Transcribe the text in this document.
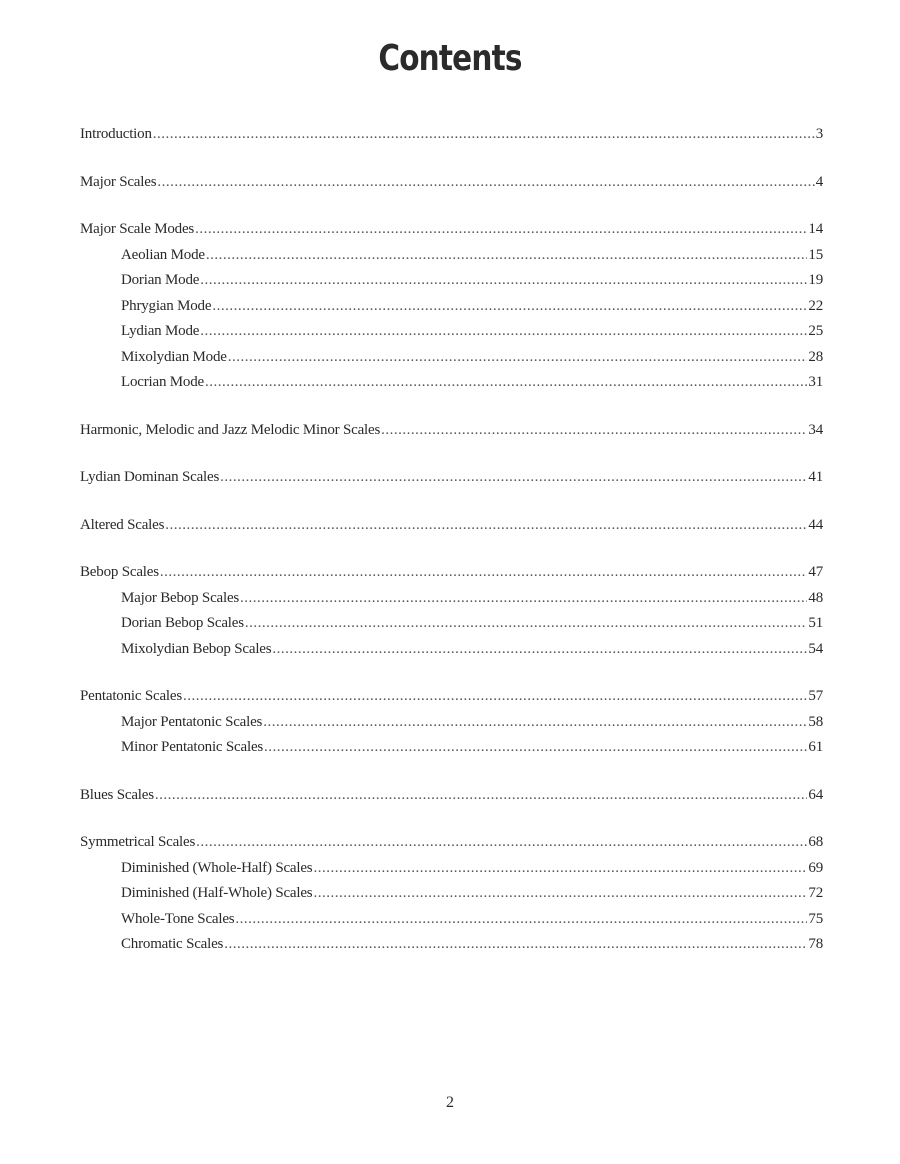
Contents
Introduction .....	3
Major Scales .....	4
Major Scale Modes .....	14
Aeolian Mode .....	15
Dorian Mode .....	19
Phrygian Mode .....	22
Lydian Mode .....	25
Mixolydian Mode .....	28
Locrian Mode .....	31
Harmonic, Melodic and Jazz Melodic Minor Scales .....	34
Lydian Dominan Scales .....	41
Altered Scales .....	44
Bebop Scales .....	47
Major Bebop Scales .....	48
Dorian Bebop Scales .....	51
Mixolydian Bebop Scales .....	54
Pentatonic Scales .....	57
Major Pentatonic Scales .....	58
Minor Pentatonic Scales .....	61
Blues Scales .....	64
Symmetrical Scales .....	68
Diminished (Whole-Half) Scales .....	69
Diminished (Half-Whole) Scales .....	72
Whole-Tone Scales .....	75
Chromatic Scales .....	78
2
